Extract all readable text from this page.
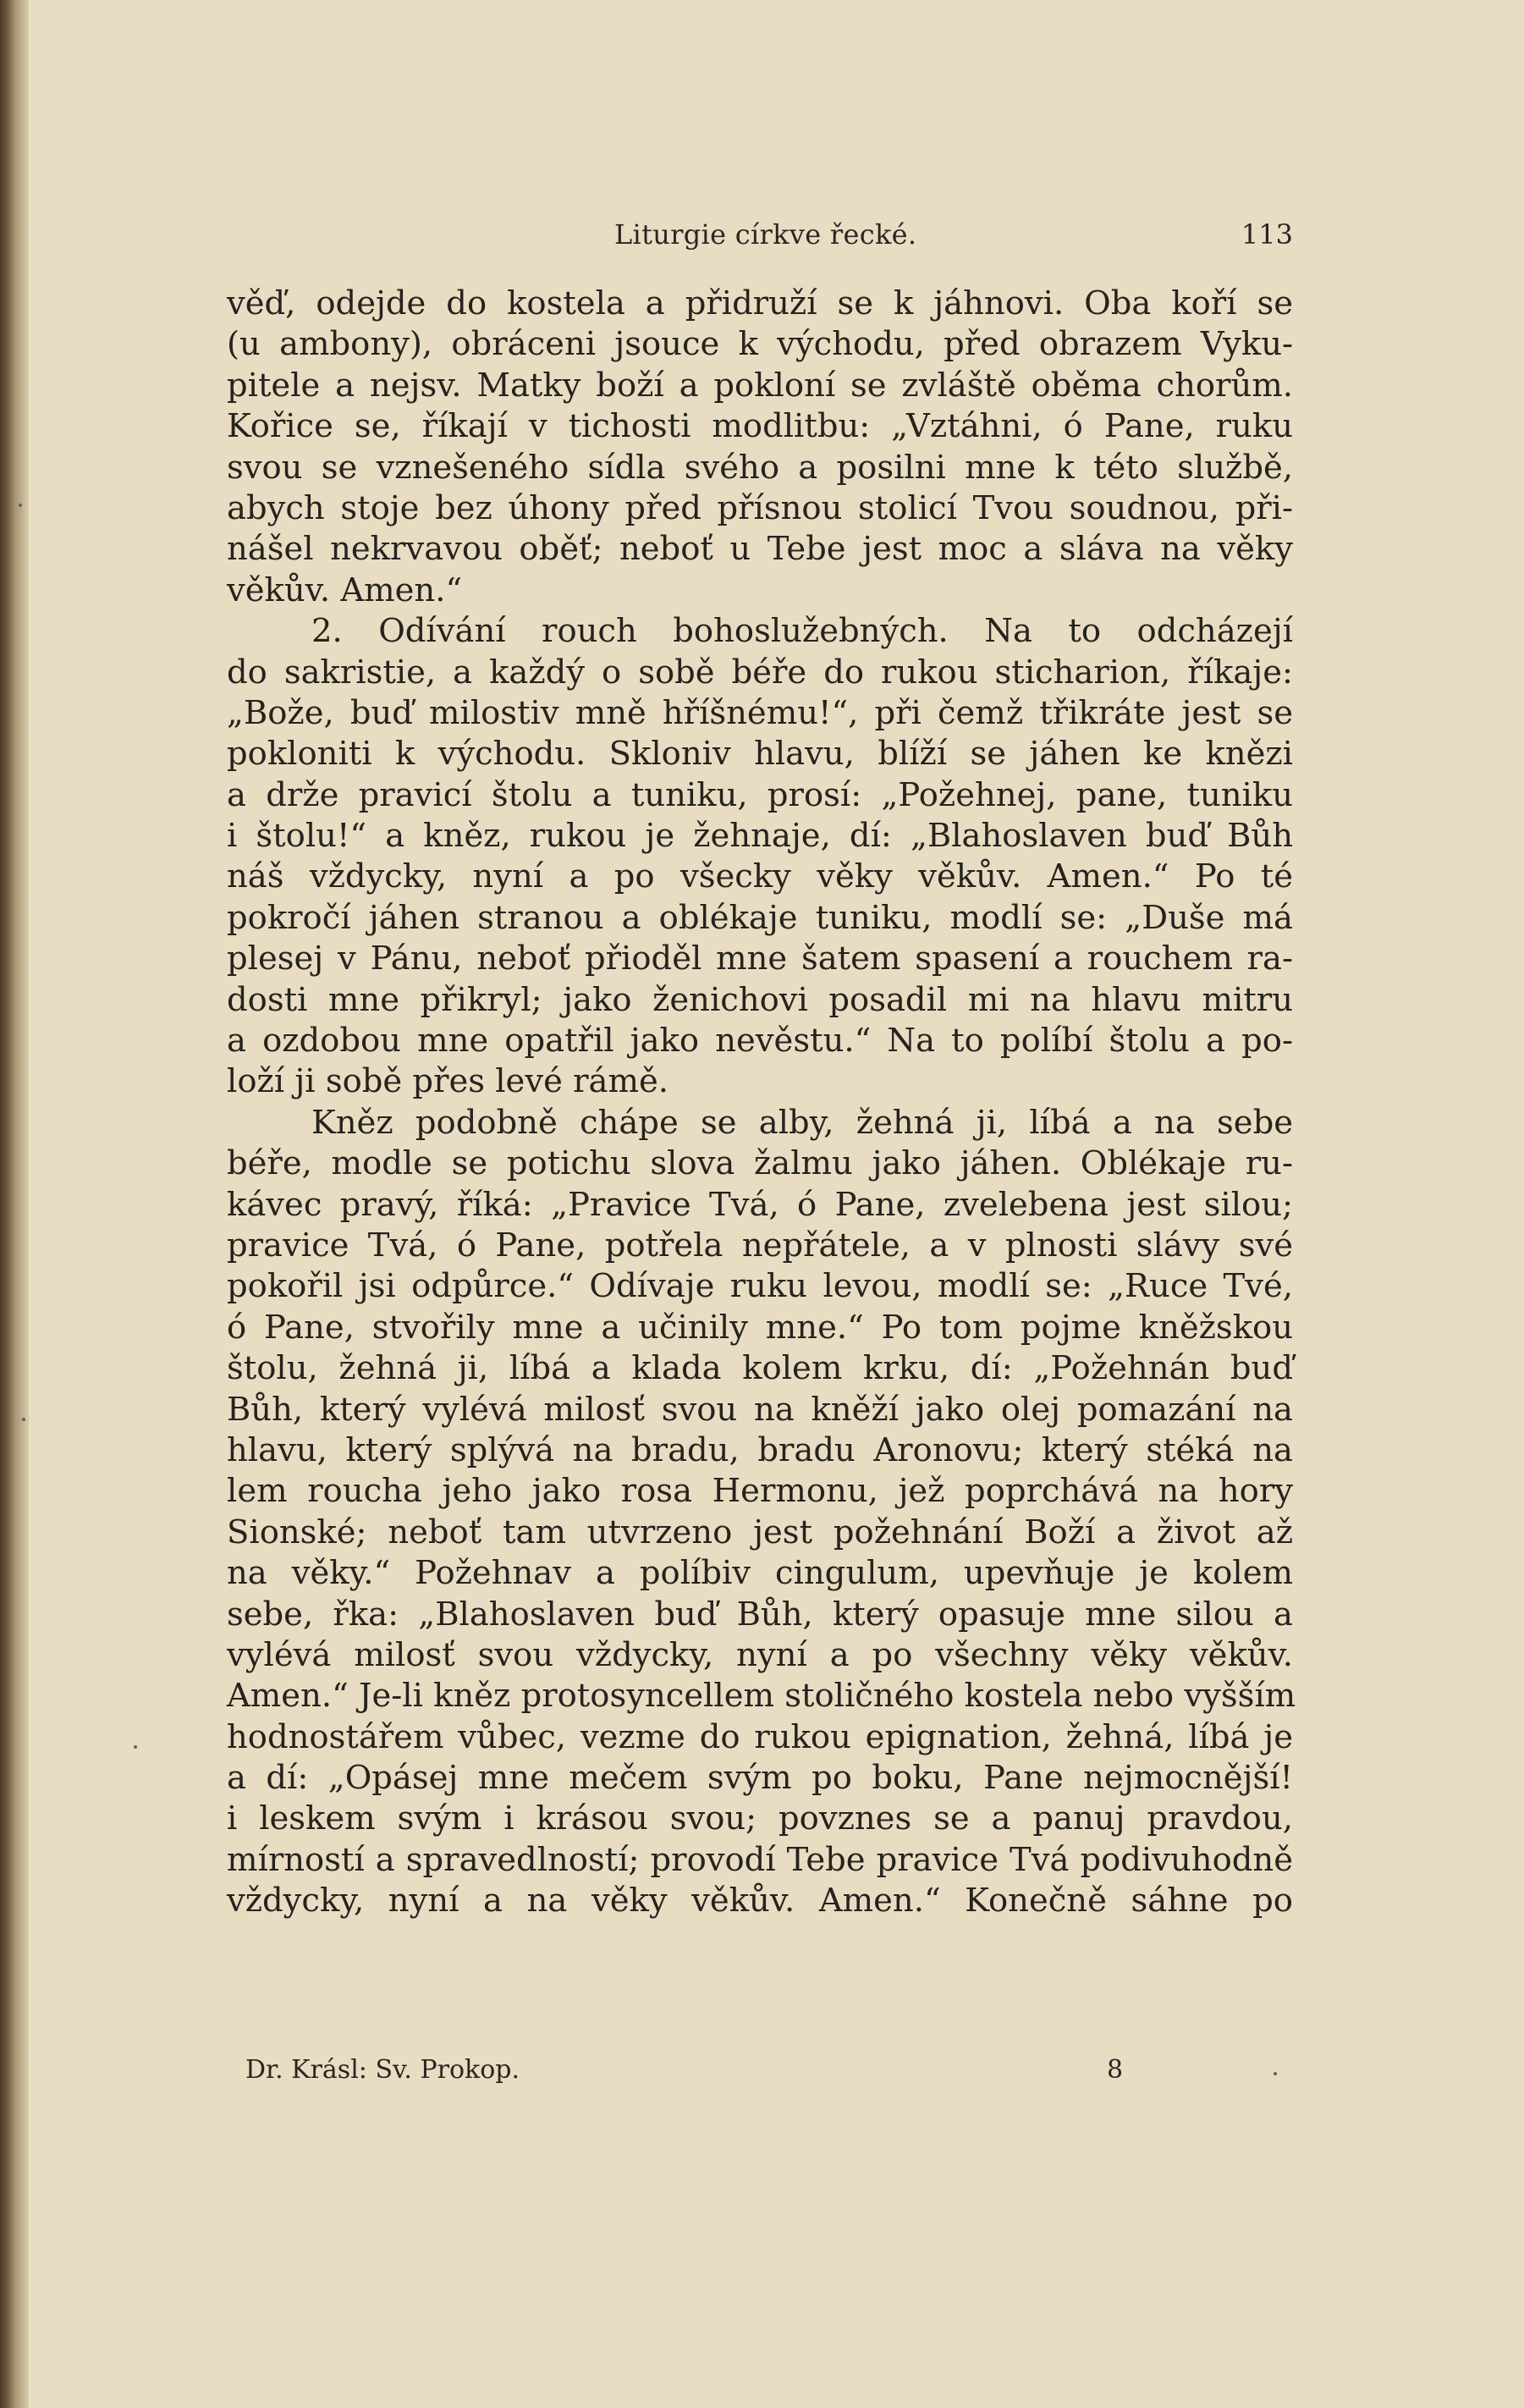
Liturgie církve řecké.	113
věď, odejde do kostela a přidruží se k jáhnovi. Oba koří se
(u ambony), obráceni jsouce k východu, před obrazem Vyku-
pitele a nejsv. Matky boží a pokloní se zvláště oběma chorům.
Kořice se, říkají v tichosti modlitbu: „Vztáhni, ó Pane, ruku
svou se vznešeného sídla svého a posilni mne k této službě,
abych stoje bez úhony před přísnou stolicí Tvou soudnou, při-
nášel nekrvavou oběť; neboť u Tebe jest moc a sláva na věky
věkův. Amen.“
2. Odívání rouch bohoslužebných. Na to odcházejí
do sakristie, a každý o sobě béře do rukou sticharion, říkaje:
„Bože, buď milostiv mně hříšnému!“, při čemž třikráte jest se
pokloniti k východu. Skloniv hlavu, blíží se jáhen ke knězi
a drže pravicí štolu a tuniku, prosí: „Požehnej, pane, tuniku
i štolu!“ a kněz, rukou je žehnaje, dí: „Blahoslaven buď Bůh
náš vždycky, nyní a po všecky věky věkův. Amen.“ Po té
pokročí jáhen stranou a oblékaje tuniku, modlí se: „Duše má
plesej v Pánu, neboť přioděl mne šatem spasení a rouchem ra-
dosti mne přikryl; jako ženichovi posadil mi na hlavu mitru
a ozdobou mne opatřil jako nevěstu.“ Na to políbí štolu a po-
loží ji sobě přes levé rámě.
Kněz podobně chápe se alby, žehná ji, líbá a na sebe
béře, modle se potichu slova žalmu jako jáhen. Oblékaje ru-
kávec pravý, říká: „Pravice Tvá, ó Pane, zvelebena jest silou;
pravice Tvá, ó Pane, potřela nepřátele, a v plnosti slávy své
pokořil jsi odpůrce.“ Odívaje ruku levou, modlí se: „Ruce Tvé,
ó Pane, stvořily mne a učinily mne.“ Po tom pojme kněžskou
štolu, žehná ji, líbá a klada kolem krku, dí: „Požehnán buď
Bůh, který vylévá milosť svou na kněží jako olej pomazání na
hlavu, který splývá na bradu, bradu Aronovu; který stéká na
lem roucha jeho jako rosa Hermonu, jež poprchává na hory
Sionské; neboť tam utvrzeno jest požehnání Boží a život až
na věky.“ Požehnav a políbiv cingulum, upevňuje je kolem
sebe, řka: „Blahoslaven buď Bůh, který opasuje mne silou a
vylévá milosť svou vždycky, nyní a po všechny věky věkův.
Amen.“ Je-li kněz protosyncellem stoličného kostela nebo vyšším
hodnostářem vůbec, vezme do rukou epignation, žehná, líbá je
a dí: „Opásej mne mečem svým po boku, Pane nejmocnější!
i leskem svým i krásou svou; povznes se a panuj pravdou,
mírností a spravedlností; provodí Tebe pravice Tvá podivuhodně
vždycky, nyní a na věky věkův. Amen.“ Konečně sáhne po
Dr. Krásl: Sv. Prokop.	8
